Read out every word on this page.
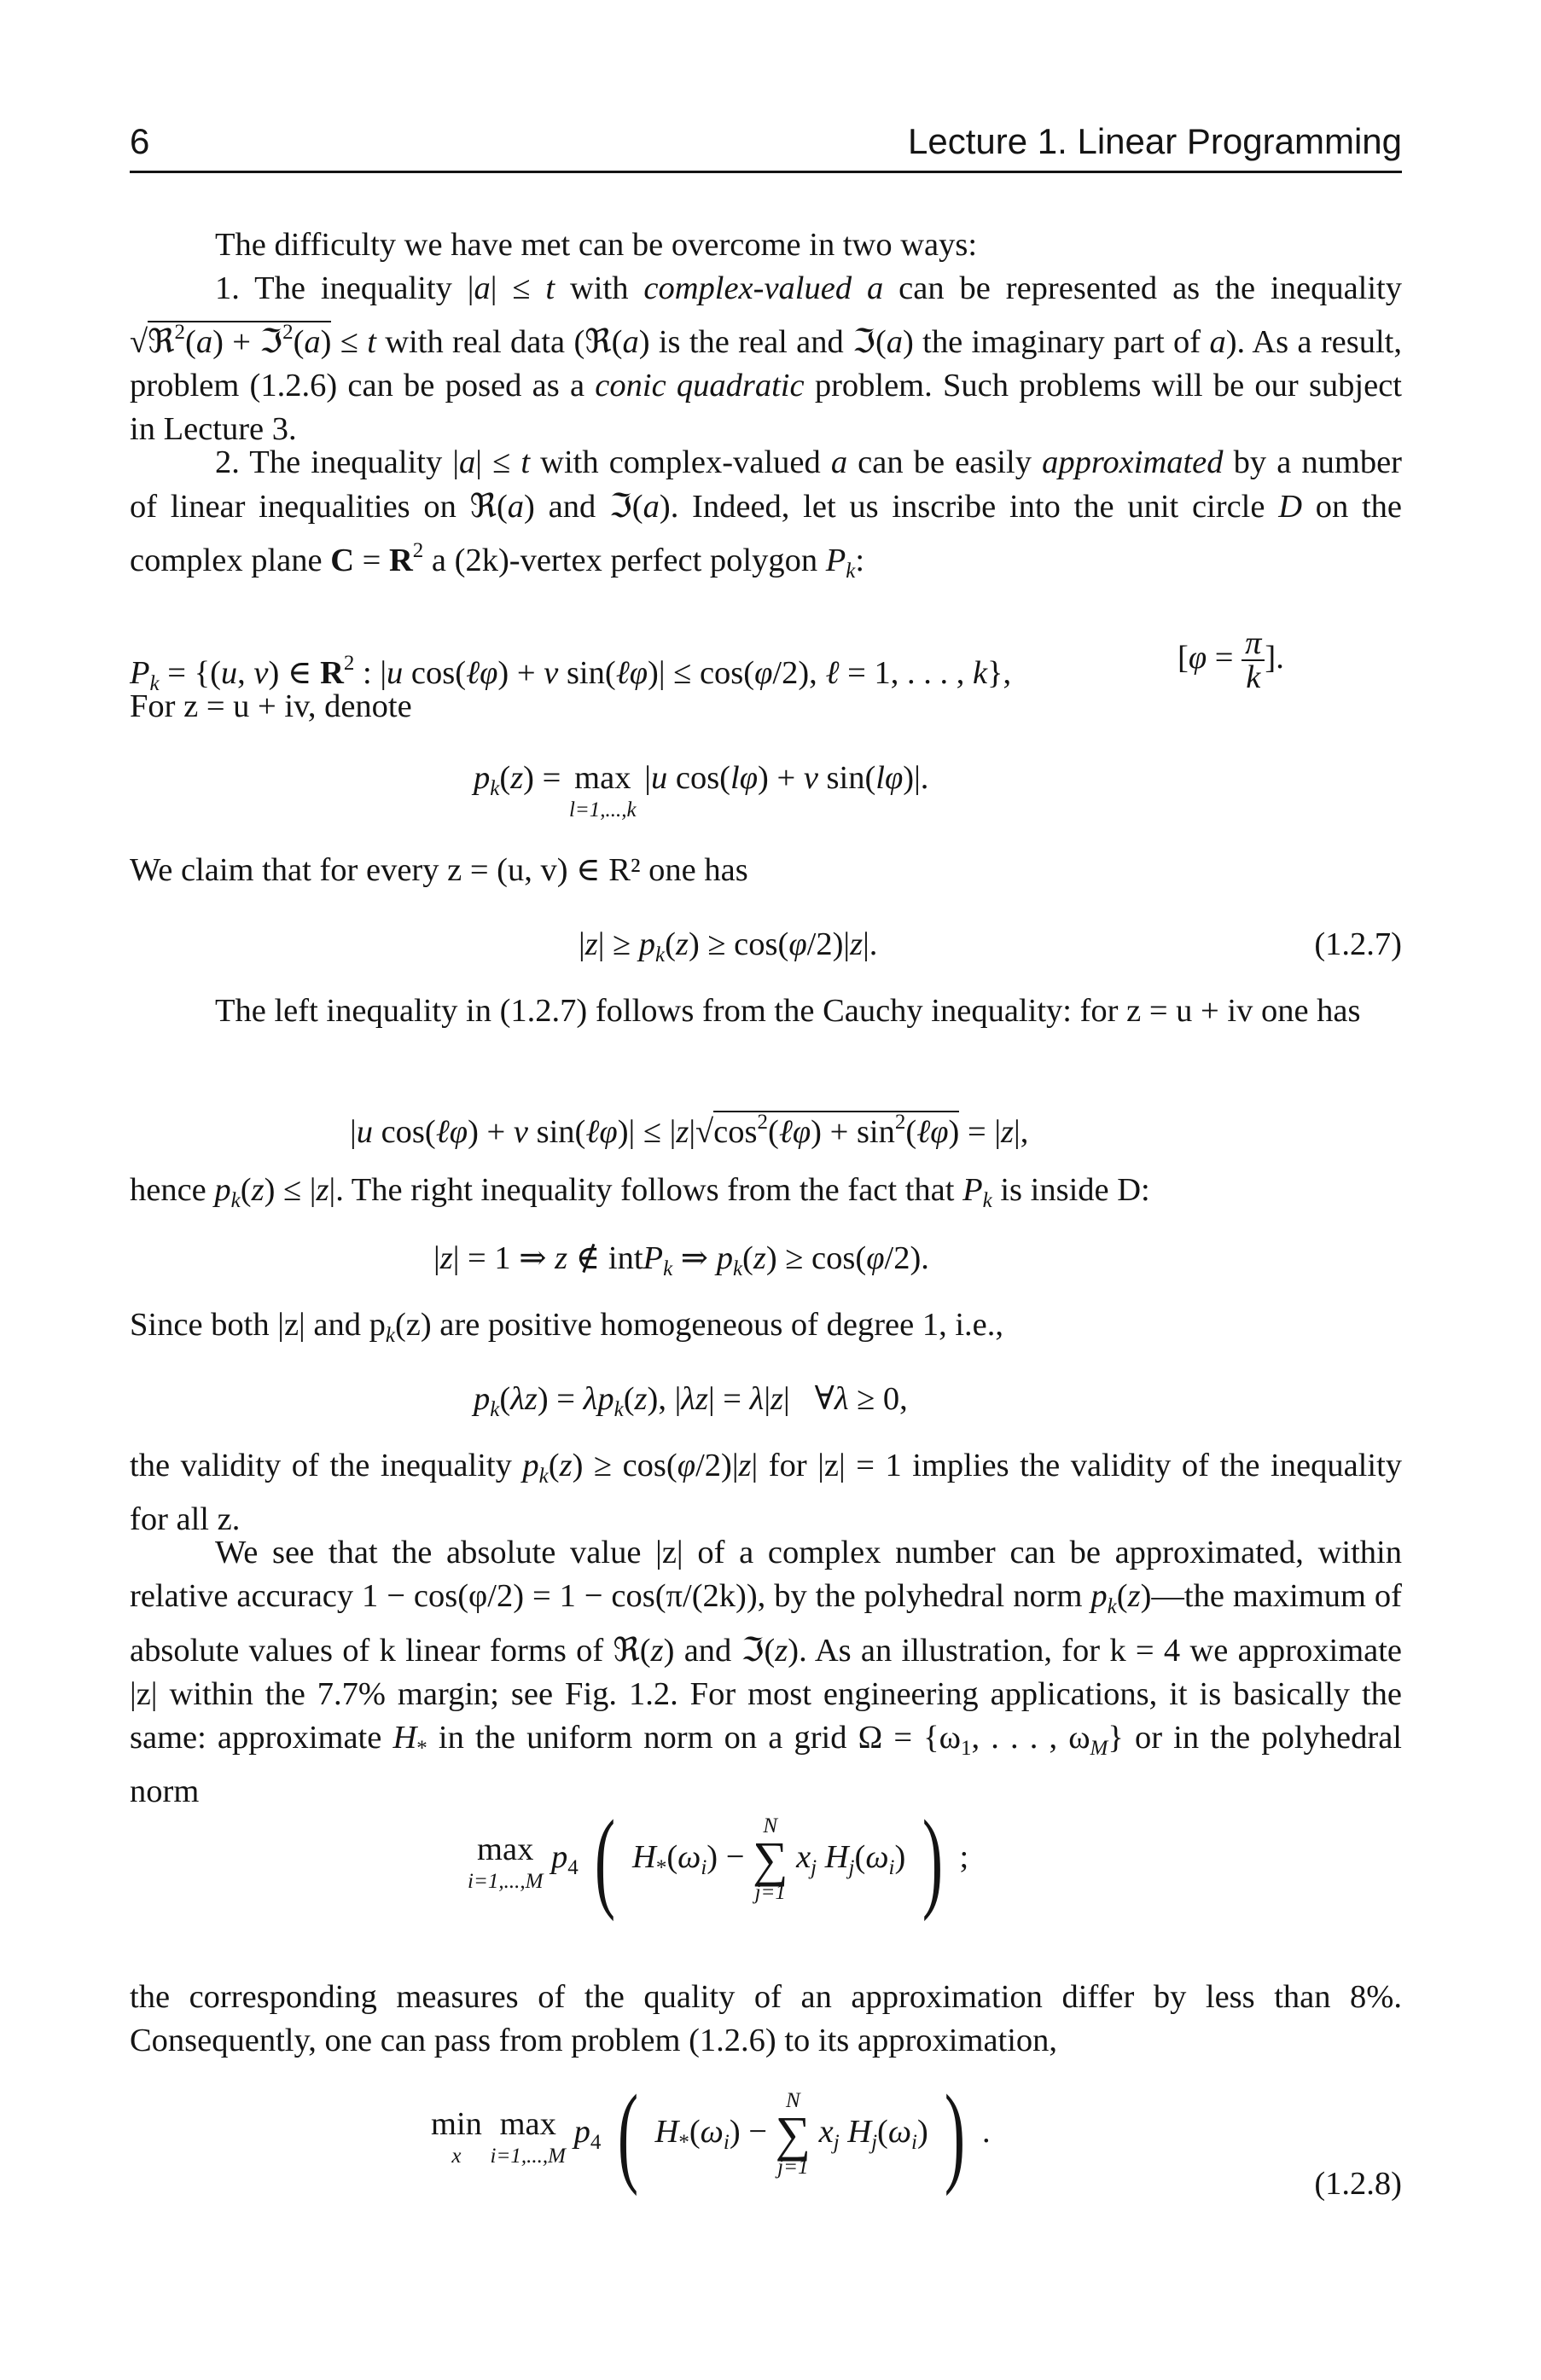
6	Lecture 1. Linear Programming
The difficulty we have met can be overcome in two ways:
1. The inequality |a| ≤ t with complex-valued a can be represented as the inequality √ℜ$^2$(a) + ℑ$^2$(a) ≤ t with real data (ℜ(a) is the real and ℑ(a) the imaginary part of a). As a result, problem (1.2.6) can be posed as a conic quadratic problem. Such problems will be our subject in Lecture 3.
2. The inequality |a| ≤ t with complex-valued a can be easily approximated by a number of linear inequalities on ℜ(a) and ℑ(a). Indeed, let us inscribe into the unit circle D on the complex plane $C = R^2$ a (2k)-vertex perfect polygon $P_k$:
$P_k = \{(u$, v) ∈ $R^2$ : |u cos(ℓφ) + v sin(ℓφ)| ≤ cos(φ/2), ℓ = 1, . . . , k},	[$\varphi = \frac{\pi}{k}$ ].
For z = u + iv, denote
$p_k(z) = \max$
l=1,...,k
|u cos(lφ) + v sin(lφ)|.
We claim that for every z = (u, v) ∈ R² one has
$|z| \ge p_k(z) \ge \cos(\varphi/2)|z|$.	(1.2.7)
The left inequality in (1.2.7) follows from the Cauchy inequality: for z = u + iv one has
|u cos(ℓφ) + v sin(ℓφ)| ≤ $|z|√\cos^2(\ell\varphi)$ + $\sin^2(\ell\varphi) = |z|$,
hence $p_k(z) \le |z|$. The right inequality follows from the fact that $P_k$ is inside D:
|z| = 1 ⇒ z ∉ intP$_k$ ⇒ $p_k(z) \ge \cos(\varphi/2)$.
Since both |z| and $p_k(z)$ are positive homogeneous of degree 1, i.e.,
$p_k(\lambda z) = \lambda p_k(z)$, |λz| = λ|z|   ∀λ ≥ 0,
the validity of the inequality $p_k(z) \ge \cos(\varphi/2)|z|$ for |z| = 1 implies the validity of the inequality for all z.
We see that the absolute value |z| of a complex number can be approximated, within relative accuracy 1 − cos(φ/2) = 1 − cos(π/(2k)), by the polyhedral norm $p_k(z)—the$ maximum of absolute values of k linear forms of ℜ(z) and ℑ(z). As an illustration, for k = 4 we approximate |z| within the 7.7% margin; see Fig. 1.2. For most engineering applications, it is basically the same: approximate $H_*$ in the uniform norm on a grid $\Omega = \{\omega_1$, . . . , $\omega_M$} or in the polyhedral norm
max
i=1,...,M
$p_4$ ( $H_*(\omega_i)$ −
N
∑
j=1
$x_j$ $H_j(\omega_i)$ ) ;
the corresponding measures of the quality of an approximation differ by less than 8%. Consequently, one can pass from problem (1.2.6) to its approximation,
min
x

max
i=1,...,M
$p_4$ ( $H_*(\omega_i)$ −
N
∑
j=1
$x_j$ $H_j(\omega_i)$ ) .
(1.2.8)
